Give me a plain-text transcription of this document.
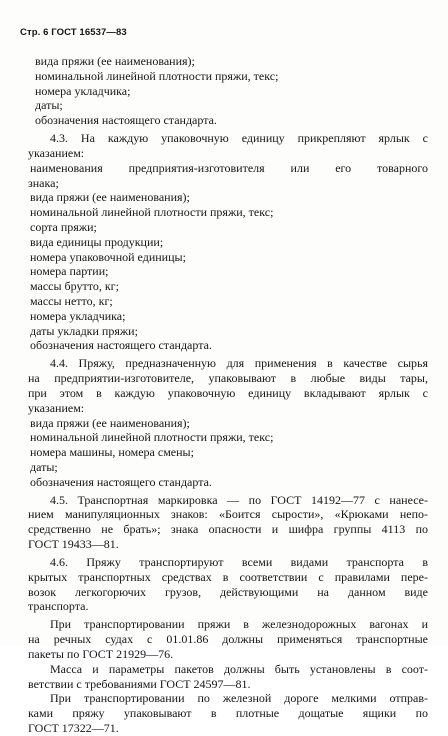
Стр. 6 ГОСТ 16537—83
вида пряжи (ее наименования);
номинальной линейной плотности пряжи, текс;
номера укладчика;
даты;
обозначения настоящего стандарта.
4.3. На каждую упаковочную единицу прикрепляют ярлык с
указанием:
наименования предприятия-изготовителя или его товарного
знака;
вида пряжи (ее наименования);
номинальной линейной плотности пряжи, текс;
сорта пряжи;
вида единицы продукции;
номера упаковочной единицы;
номера партии;
массы брутто, кг;
массы нетто, кг;
номера укладчика;
даты укладки пряжи;
обозначения настоящего стандарта.
4.4. Пряжу, предназначенную для применения в качестве сырья
на предприятии-изготовителе, упаковывают в любые виды тары,
при этом в каждую упаковочную единицу вкладывают ярлык с
указанием:
вида пряжи (ее наименования);
номинальной линейной плотности пряжи, текс;
номера машины, номера смены;
даты;
обозначения настоящего стандарта.
4.5. Транспортная маркировка — по ГОСТ 14192—77 с нанесе-
нием манипуляционных знаков: «Боится сырости», «Крюками непо-
средственно не брать»; знака опасности и шифра группы 4113 по
ГОСТ 19433—81.
4.6. Пряжу транспортируют всеми видами транспорта в
крытых транспортных средствах в соответствии с правилами пере-
возок легкогорючих грузов, действующими на данном виде
транспорта.
При транспортировании пряжи в железнодорожных вагонах и
на речных судах с 01.01.86 должны применяться транспортные
пакеты по ГОСТ 21929—76.
Масса и параметры пакетов должны быть установлены в соот-
ветствии с требованиями ГОСТ 24597—81.
При транспортировании по железной дороге мелкими отправ-
ками пряжу упаковывают в плотные дощатые ящики по
ГОСТ 17322—71.
